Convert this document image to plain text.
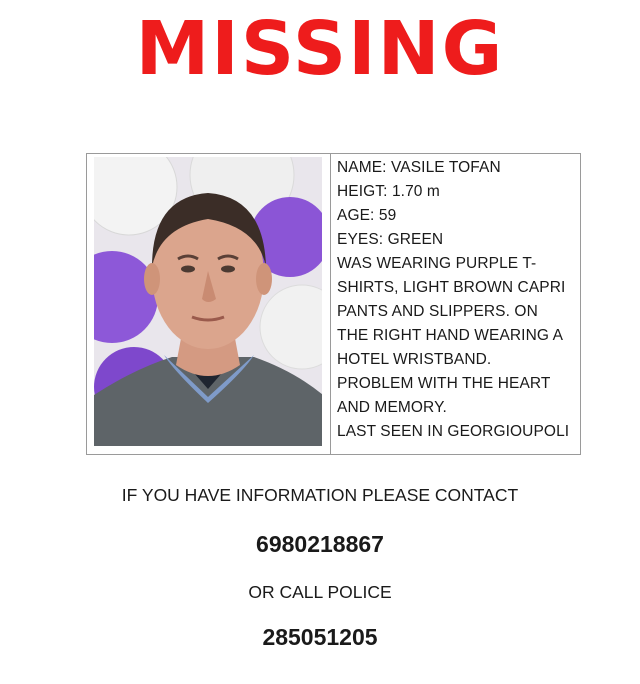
MISSING

NAME: VASILE TOFAN

HEIGT: 1.70 m

AGE: 59

EYES: GREEN

WAS WEARING PURPLE T-

SHIRTS, LIGHT BROWN CAPRI

PANTS AND SLIPPERS. ON

THE RIGHT HAND WEARING A

HOTEL WRISTBAND.

PROBLEM WITH THE HEART

AND MEMORY.

LAST SEEN IN GEORGIOUPOLI

IF YOU HAVE INFORMATION PLEASE CONTACT
6980218867
OR CALL POLICE
285051205
